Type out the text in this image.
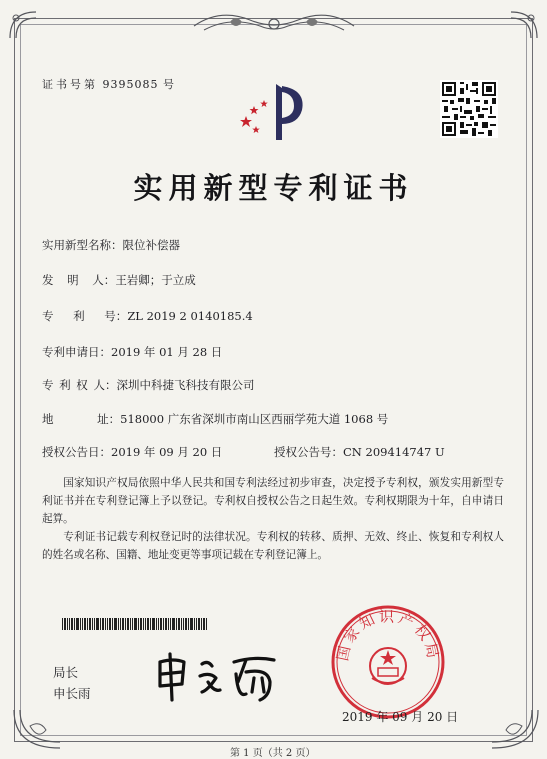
证书号第 9395085 号
实用新型专利证书
实用新型名称：限位补偿器
发 明 人：王岩卿；于立成
专 利 号：ZL 2019 2 0140185.4
专利申请日：2019 年 01 月 28 日
专 利 权 人：深圳中科捷飞科技有限公司
地 址：518000 广东省深圳市南山区西丽学苑大道 1068 号
授权公告日：2019 年 09 月 20 日	授权公告号：CN 209414747 U

国家知识产权局依照中华人民共和国专利法经过初步审查，决定授予专利权，颁发实用新型专利证书并在专利登记簿上予以登记。专利权自授权公告之日起生效。专利权期限为十年，自申请日起算。

专利证书记载专利权登记时的法律状况。专利权的转移、质押、无效、终止、恢复和专利权人的姓名或名称、国籍、地址变更等事项记载在专利登记簿上。

局长
申长雨
国家知识产权局
2019 年 09 月 20 日
第 1 页（共 2 页）
